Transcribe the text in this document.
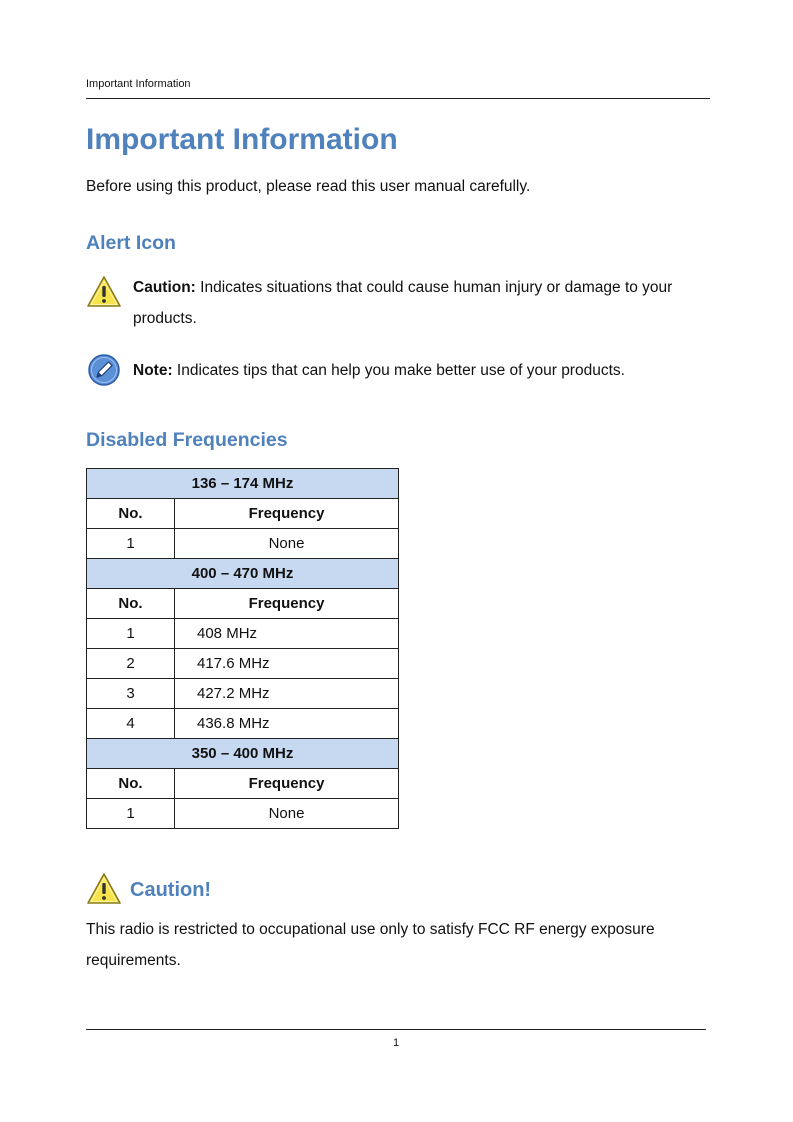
Important Information
Important Information

Before using this product, please read this user manual carefully.

Alert Icon
Caution: Indicates situations that could cause human injury or damage to your products.
Note: Indicates tips that can help you make better use of your products.
Disabled Frequencies
136 – 174 MHz	
No.	Frequency
1	None
400 – 470 MHz	
No.	Frequency
1	408 MHz
2	417.6 MHz
3	427.2 MHz
4	436.8 MHz
350 – 400 MHz	
No.	Frequency
1	None
Caution!

This radio is restricted to occupational use only to satisfy FCC RF energy exposure requirements.

1
